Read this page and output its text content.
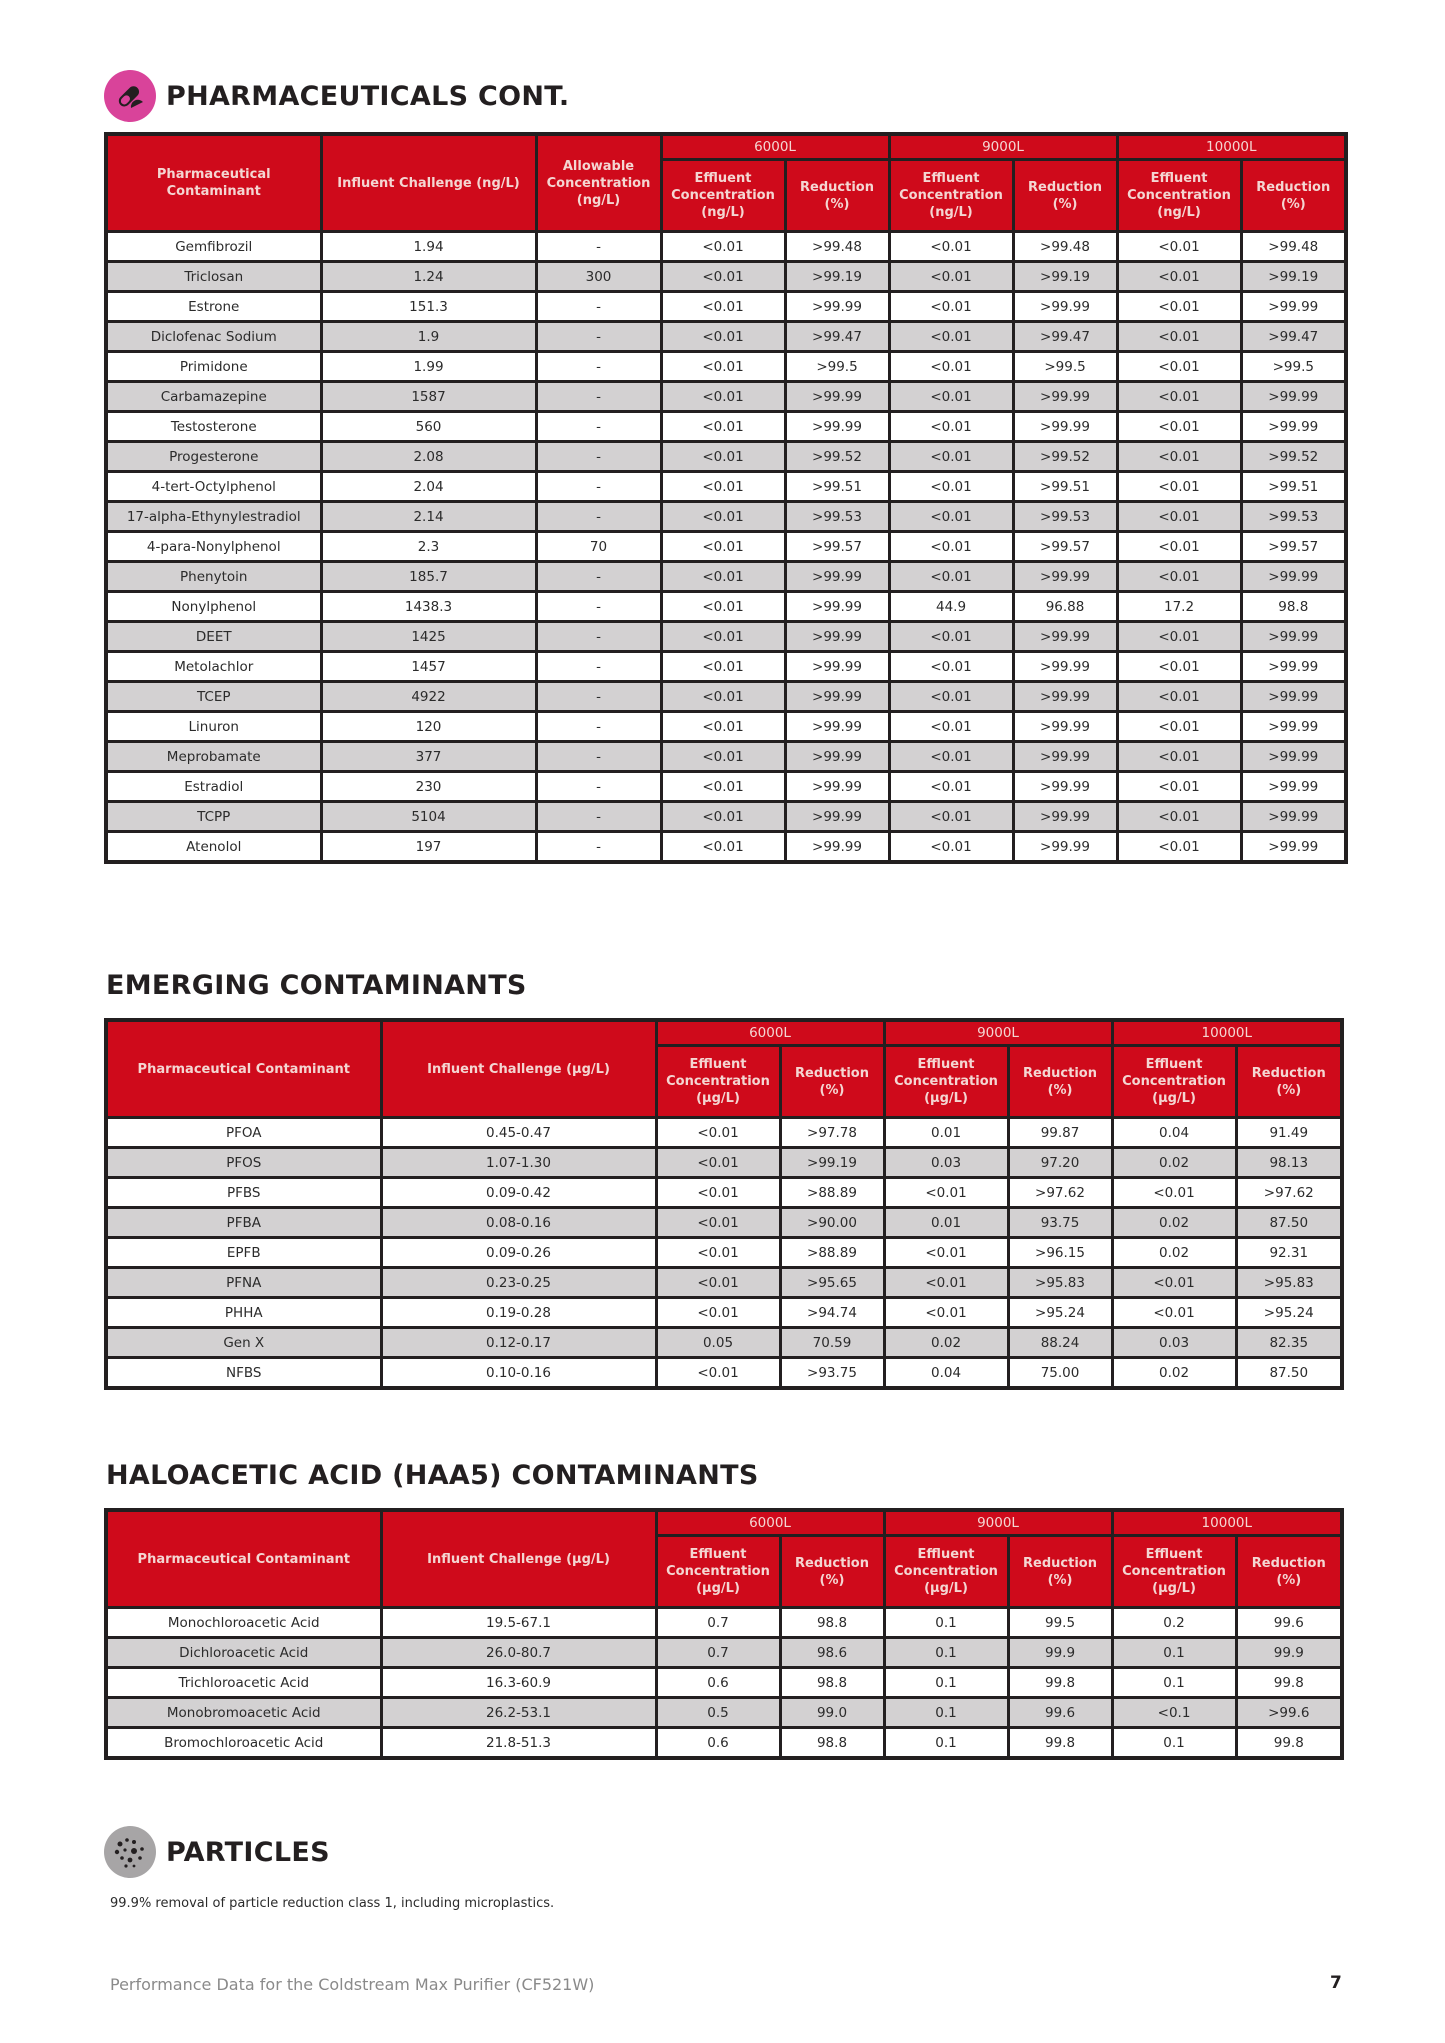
PHARMACEUTICALS CONT.
Pharmaceutical Contaminant	Influent Challenge (ng/L)	Allowable Concentration (ng/L)	6000L		9000L		10000L	
			Effluent Concentration (ng/L)	Reduction (%)	Effluent Concentration (ng/L)	Reduction (%)	Effluent Concentration (ng/L)	Reduction (%)
Gemfibrozil	1.94	-	<0.01	>99.48	<0.01	>99.48	<0.01	>99.48
Triclosan	1.24	300	<0.01	>99.19	<0.01	>99.19	<0.01	>99.19
Estrone	151.3	-	<0.01	>99.99	<0.01	>99.99	<0.01	>99.99
Diclofenac Sodium	1.9	-	<0.01	>99.47	<0.01	>99.47	<0.01	>99.47
Primidone	1.99	-	<0.01	>99.5	<0.01	>99.5	<0.01	>99.5
Carbamazepine	1587	-	<0.01	>99.99	<0.01	>99.99	<0.01	>99.99
Testosterone	560	-	<0.01	>99.99	<0.01	>99.99	<0.01	>99.99
Progesterone	2.08	-	<0.01	>99.52	<0.01	>99.52	<0.01	>99.52
4-tert-Octylphenol	2.04	-	<0.01	>99.51	<0.01	>99.51	<0.01	>99.51
17-alpha-Ethynylestradiol	2.14	-	<0.01	>99.53	<0.01	>99.53	<0.01	>99.53
4-para-Nonylphenol	2.3	70	<0.01	>99.57	<0.01	>99.57	<0.01	>99.57
Phenytoin	185.7	-	<0.01	>99.99	<0.01	>99.99	<0.01	>99.99
Nonylphenol	1438.3	-	<0.01	>99.99	44.9	96.88	17.2	98.8
DEET	1425	-	<0.01	>99.99	<0.01	>99.99	<0.01	>99.99
Metolachlor	1457	-	<0.01	>99.99	<0.01	>99.99	<0.01	>99.99
TCEP	4922	-	<0.01	>99.99	<0.01	>99.99	<0.01	>99.99
Linuron	120	-	<0.01	>99.99	<0.01	>99.99	<0.01	>99.99
Meprobamate	377	-	<0.01	>99.99	<0.01	>99.99	<0.01	>99.99
Estradiol	230	-	<0.01	>99.99	<0.01	>99.99	<0.01	>99.99
TCPP	5104	-	<0.01	>99.99	<0.01	>99.99	<0.01	>99.99
Atenolol	197	-	<0.01	>99.99	<0.01	>99.99	<0.01	>99.99
EMERGING CONTAMINANTS
Pharmaceutical Contaminant	Influent Challenge (µg/L)	6000L		9000L		10000L	
		Effluent Concentration (µg/L)	Reduction (%)	Effluent Concentration (µg/L)	Reduction (%)	Effluent Concentration (µg/L)	Reduction (%)
PFOA	0.45-0.47	<0.01	>97.78	0.01	99.87	0.04	91.49
PFOS	1.07-1.30	<0.01	>99.19	0.03	97.20	0.02	98.13
PFBS	0.09-0.42	<0.01	>88.89	<0.01	>97.62	<0.01	>97.62
PFBA	0.08-0.16	<0.01	>90.00	0.01	93.75	0.02	87.50
EPFB	0.09-0.26	<0.01	>88.89	<0.01	>96.15	0.02	92.31
PFNA	0.23-0.25	<0.01	>95.65	<0.01	>95.83	<0.01	>95.83
PHHA	0.19-0.28	<0.01	>94.74	<0.01	>95.24	<0.01	>95.24
Gen X	0.12-0.17	0.05	70.59	0.02	88.24	0.03	82.35
NFBS	0.10-0.16	<0.01	>93.75	0.04	75.00	0.02	87.50
HALOACETIC ACID (HAA5) CONTAMINANTS
Pharmaceutical Contaminant	Influent Challenge (µg/L)	6000L		9000L		10000L	
		Effluent Concentration (µg/L)	Reduction (%)	Effluent Concentration (µg/L)	Reduction (%)	Effluent Concentration (µg/L)	Reduction (%)
Monochloroacetic Acid	19.5-67.1	0.7	98.8	0.1	99.5	0.2	99.6
Dichloroacetic Acid	26.0-80.7	0.7	98.6	0.1	99.9	0.1	99.9
Trichloroacetic Acid	16.3-60.9	0.6	98.8	0.1	99.8	0.1	99.8
Monobromoacetic Acid	26.2-53.1	0.5	99.0	0.1	99.6	<0.1	>99.6
Bromochloroacetic Acid	21.8-51.3	0.6	98.8	0.1	99.8	0.1	99.8
PARTICLES
99.9% removal of particle reduction class 1, including microplastics.
Performance Data for the Coldstream Max Purifier (CF521W)	7
